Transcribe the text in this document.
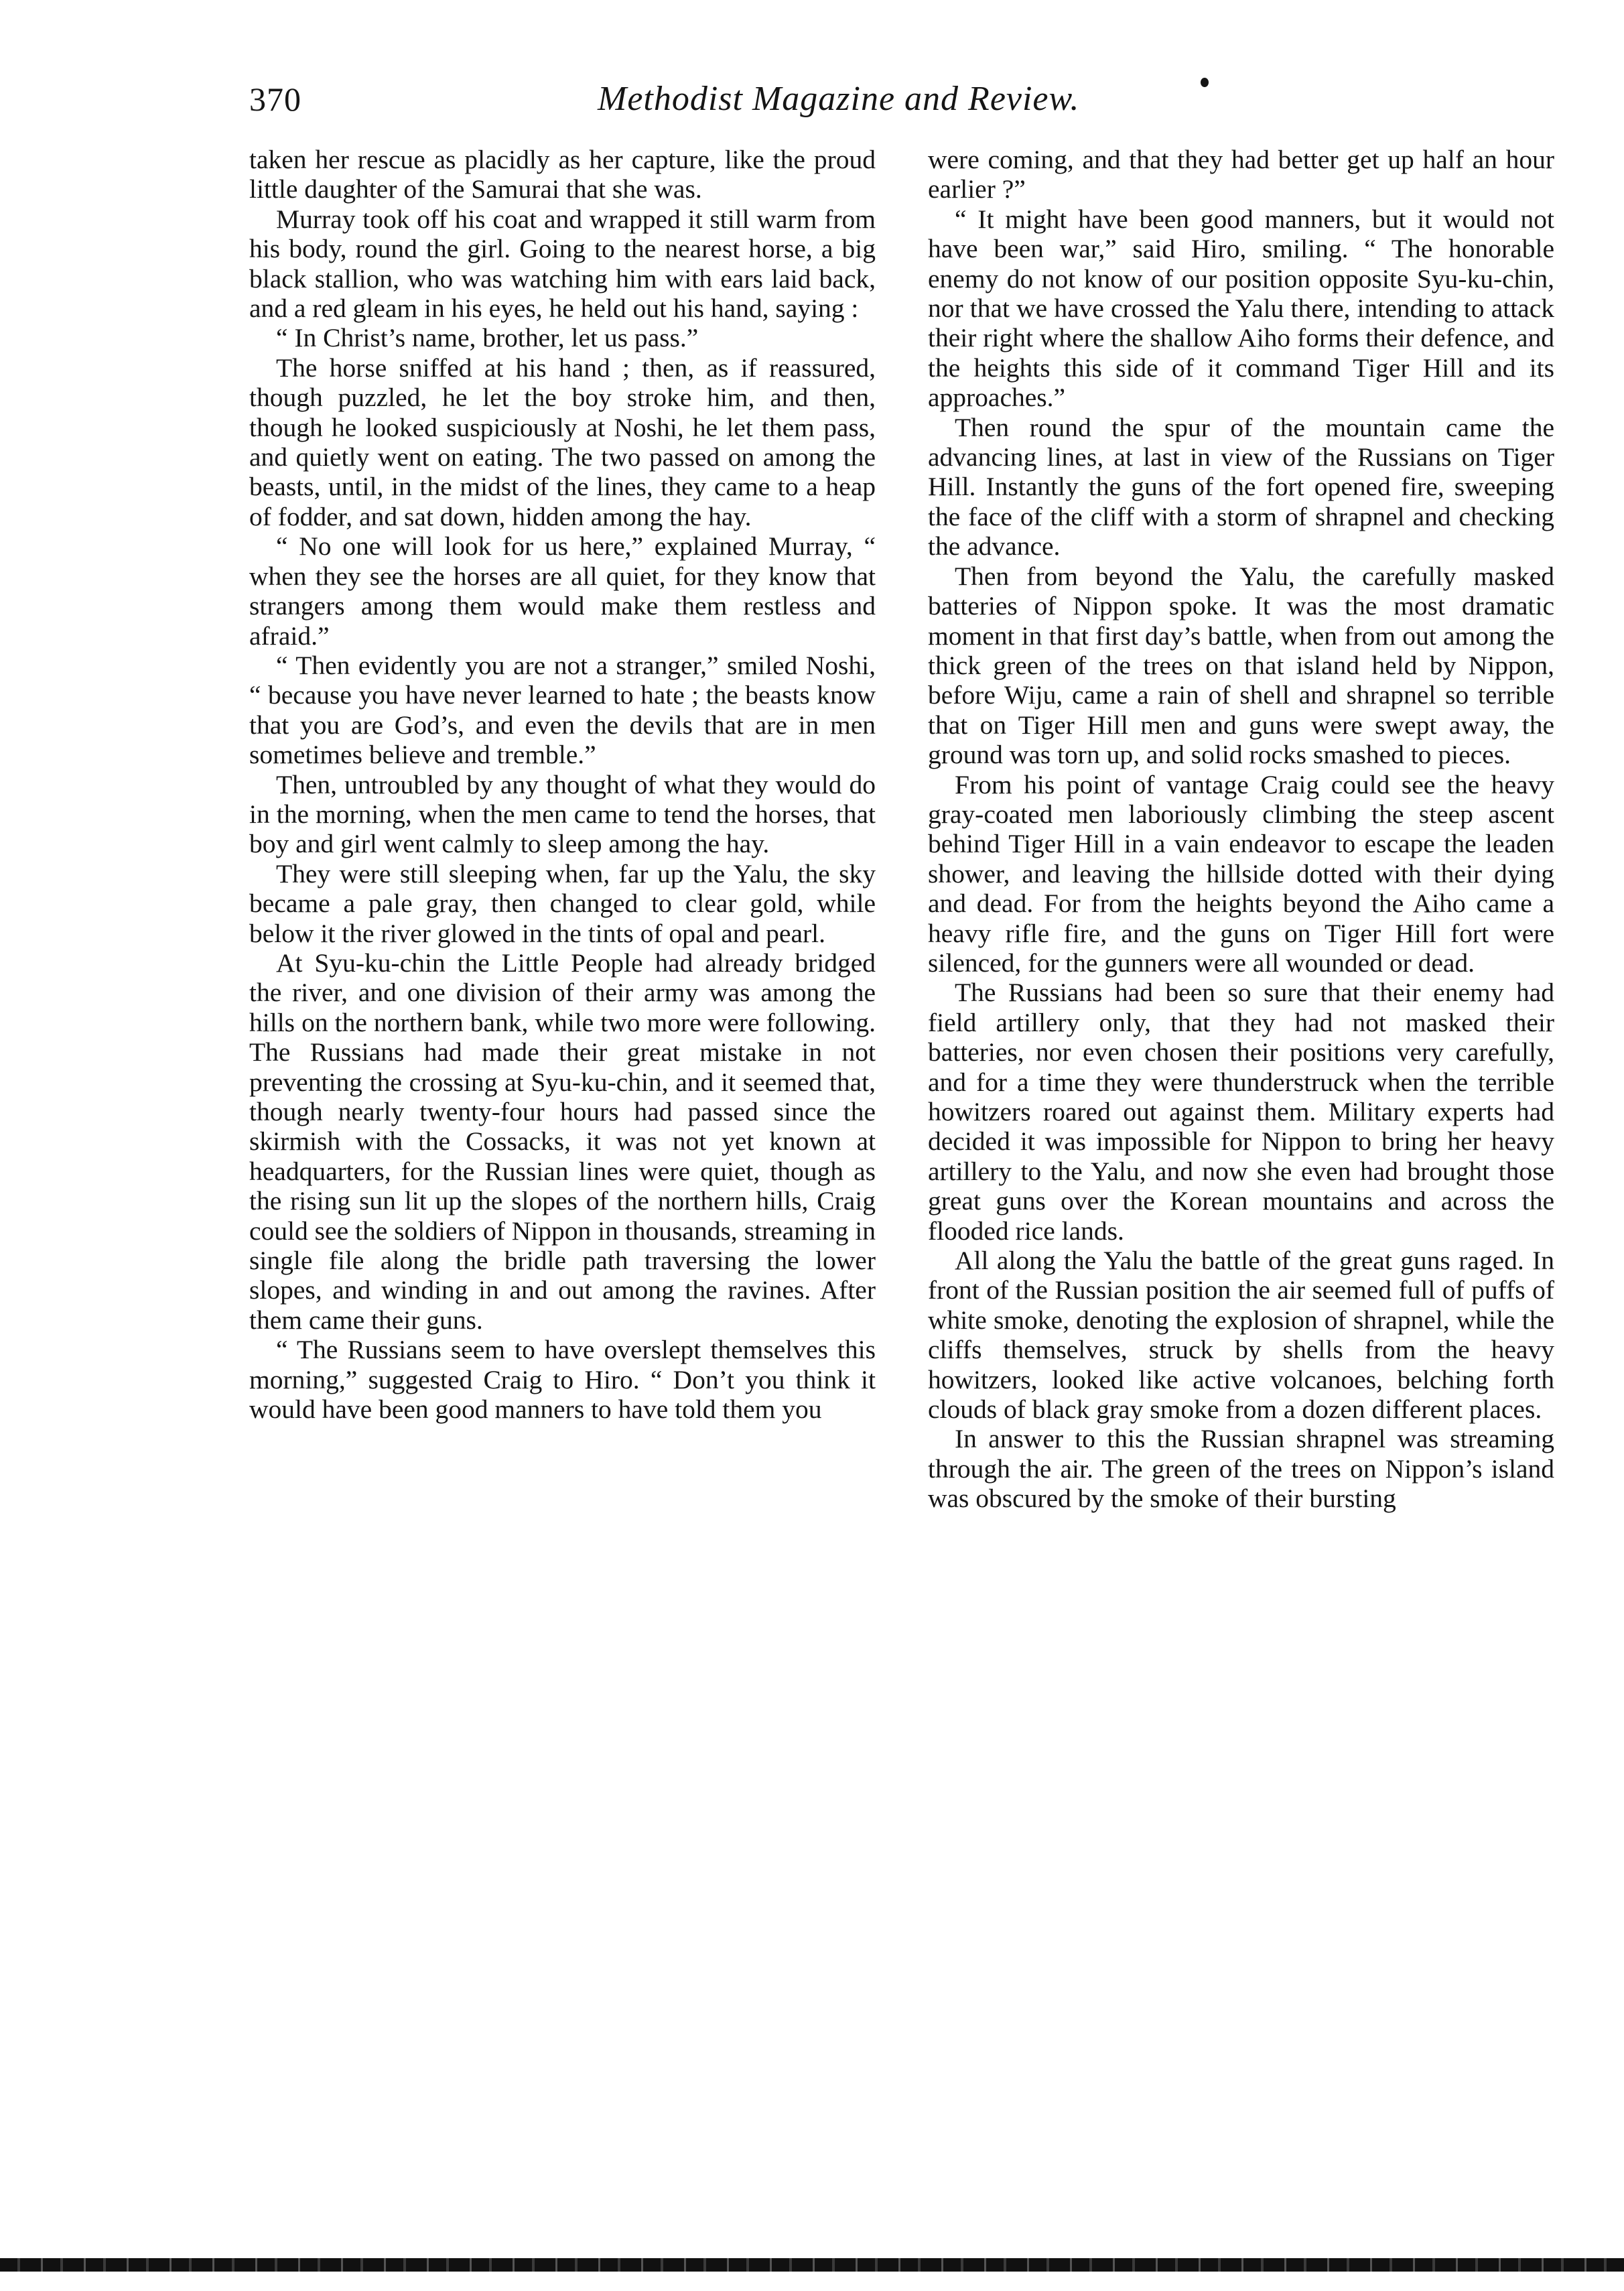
370	Methodist Magazine and Review.

taken her rescue as placidly as her capture, like the proud little daughter of the Samurai that she was.

Murray took off his coat and wrapped it still warm from his body, round the girl. Going to the nearest horse, a big black stallion, who was watching him with ears laid back, and a red gleam in his eyes, he held out his hand, saying :

“ In Christ’s name, brother, let us pass.”

The horse sniffed at his hand ; then, as if reassured, though puzzled, he let the boy stroke him, and then, though he looked suspiciously at Noshi, he let them pass, and quietly went on eating. The two passed on among the beasts, until, in the midst of the lines, they came to a heap of fodder, and sat down, hidden among the hay.

“ No one will look for us here,” explained Murray, “ when they see the horses are all quiet, for they know that strangers among them would make them restless and afraid.”

“ Then evidently you are not a stranger,” smiled Noshi, “ because you have never learned to hate ; the beasts know that you are God’s, and even the devils that are in men sometimes believe and tremble.”

Then, untroubled by any thought of what they would do in the morning, when the men came to tend the horses, that boy and girl went calmly to sleep among the hay.

They were still sleeping when, far up the Yalu, the sky became a pale gray, then changed to clear gold, while below it the river glowed in the tints of opal and pearl.

At Syu-ku-chin the Little People had already bridged the river, and one division of their army was among the hills on the northern bank, while two more were following. The Russians had made their great mistake in not preventing the crossing at Syu-ku-chin, and it seemed that, though nearly twenty-four hours had passed since the skirmish with the Cossacks, it was not yet known at headquarters, for the Russian lines were quiet, though as the rising sun lit up the slopes of the northern hills, Craig could see the soldiers of Nippon in thousands, streaming in single file along the bridle path traversing the lower slopes, and winding in and out among the ravines. After them came their guns.

“ The Russians seem to have overslept themselves this morning,” suggested Craig to Hiro. “ Don’t you think it would have been good manners to have told them you

were coming, and that they had better get up half an hour earlier ?”

“ It might have been good manners, but it would not have been war,” said Hiro, smiling. “ The honorable enemy do not know of our position opposite Syu-ku-chin, nor that we have crossed the Yalu there, intending to attack their right where the shallow Aiho forms their defence, and the heights this side of it command Tiger Hill and its approaches.”

Then round the spur of the mountain came the advancing lines, at last in view of the Russians on Tiger Hill. Instantly the guns of the fort opened fire, sweeping the face of the cliff with a storm of shrapnel and checking the advance.

Then from beyond the Yalu, the carefully masked batteries of Nippon spoke. It was the most dramatic moment in that first day’s battle, when from out among the thick green of the trees on that island held by Nippon, before Wiju, came a rain of shell and shrapnel so terrible that on Tiger Hill men and guns were swept away, the ground was torn up, and solid rocks smashed to pieces.

From his point of vantage Craig could see the heavy gray-coated men laboriously climbing the steep ascent behind Tiger Hill in a vain endeavor to escape the leaden shower, and leaving the hillside dotted with their dying and dead. For from the heights beyond the Aiho came a heavy rifle fire, and the guns on Tiger Hill fort were silenced, for the gunners were all wounded or dead.

The Russians had been so sure that their enemy had field artillery only, that they had not masked their batteries, nor even chosen their positions very carefully, and for a time they were thunderstruck when the terrible howitzers roared out against them. Military experts had decided it was impossible for Nippon to bring her heavy artillery to the Yalu, and now she even had brought those great guns over the Korean mountains and across the flooded rice lands.

All along the Yalu the battle of the great guns raged. In front of the Russian position the air seemed full of puffs of white smoke, denoting the explosion of shrapnel, while the cliffs themselves, struck by shells from the heavy howitzers, looked like active volcanoes, belching forth clouds of black gray smoke from a dozen different places.

In answer to this the Russian shrapnel was streaming through the air. The green of the trees on Nippon’s island was obscured by the smoke of their bursting
